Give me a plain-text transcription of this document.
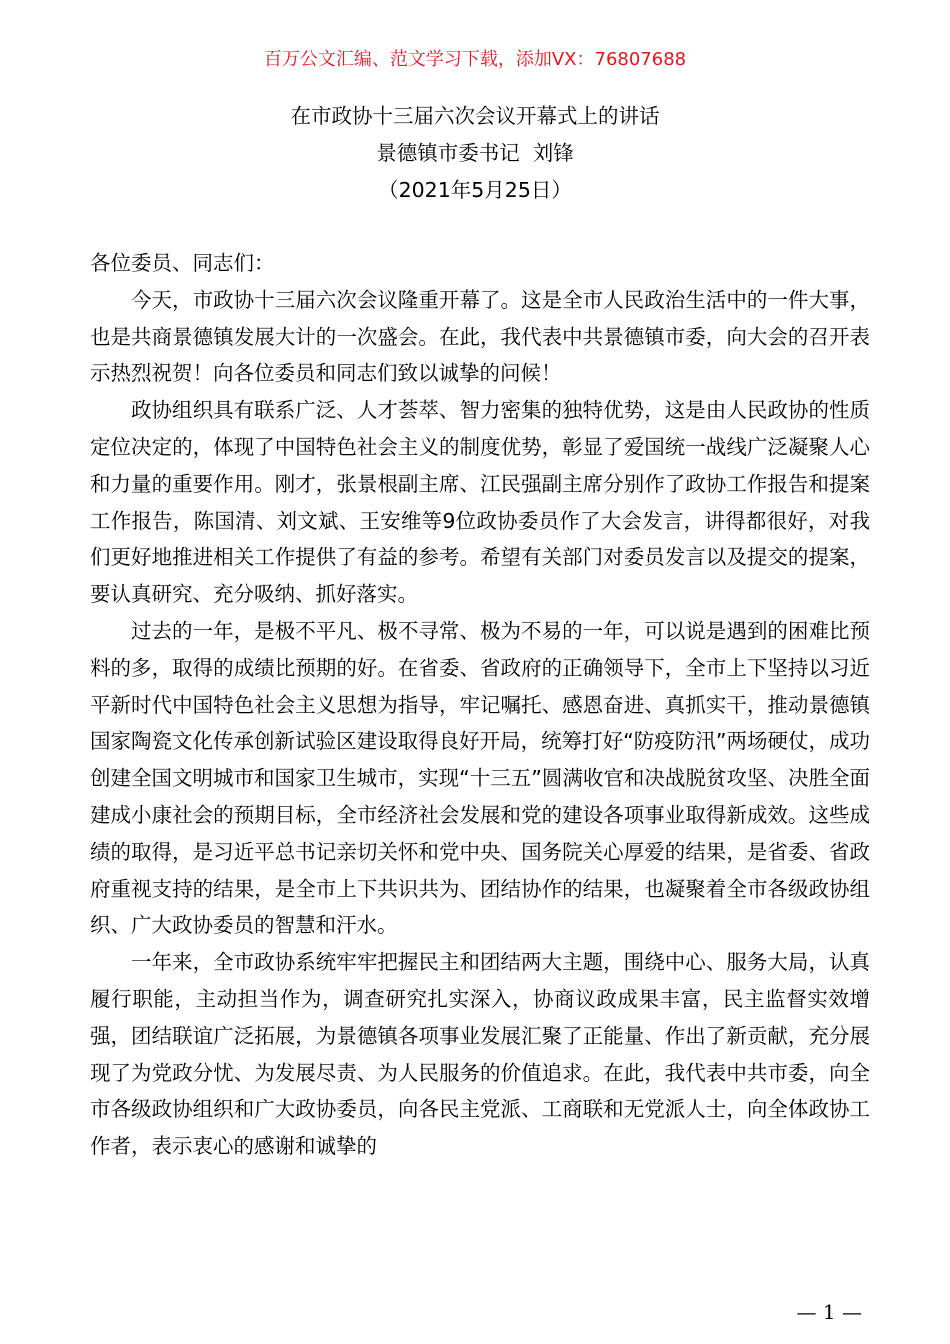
百万公文汇编、范文学习下载，添加VX：76807688
在市政协十三届六次会议开幕式上的讲话
景德镇市委书记  刘锋
（2021年5月25日）

各位委员、同志们：

今天，市政协十三届六次会议隆重开幕了。这是全市人民政治生活中的一件大事，也是共商景德镇发展大计的一次盛会。在此，我代表中共景德镇市委，向大会的召开表示热烈祝贺！向各位委员和同志们致以诚挚的问候！

政协组织具有联系广泛、人才荟萃、智力密集的独特优势，这是由人民政协的性质定位决定的，体现了中国特色社会主义的制度优势，彰显了爱国统一战线广泛凝聚人心和力量的重要作用。刚才，张景根副主席、江民强副主席分别作了政协工作报告和提案工作报告，陈国清、刘文斌、王安维等9位政协委员作了大会发言，讲得都很好，对我们更好地推进相关工作提供了有益的参考。希望有关部门对委员发言以及提交的提案，要认真研究、充分吸纳、抓好落实。

过去的一年，是极不平凡、极不寻常、极为不易的一年，可以说是遇到的困难比预料的多，取得的成绩比预期的好。在省委、省政府的正确领导下，全市上下坚持以习近平新时代中国特色社会主义思想为指导，牢记嘱托、感恩奋进、真抓实干，推动景德镇国家陶瓷文化传承创新试验区建设取得良好开局，统筹打好“防疫防汛”两场硬仗，成功创建全国文明城市和国家卫生城市，实现“十三五”圆满收官和决战脱贫攻坚、决胜全面建成小康社会的预期目标，全市经济社会发展和党的建设各项事业取得新成效。这些成绩的取得，是习近平总书记亲切关怀和党中央、国务院关心厚爱的结果，是省委、省政府重视支持的结果，是全市上下共识共为、团结协作的结果，也凝聚着全市各级政协组织、广大政协委员的智慧和汗水。

一年来，全市政协系统牢牢把握民主和团结两大主题，围绕中心、服务大局，认真履行职能，主动担当作为，调查研究扎实深入，协商议政成果丰富，民主监督实效增强，团结联谊广泛拓展，为景德镇各项事业发展汇聚了正能量、作出了新贡献，充分展现了为党政分忧、为发展尽责、为人民服务的价值追求。在此，我代表中共市委，向全市各级政协组织和广大政协委员，向各民主党派、工商联和无党派人士，向全体政协工作者，表示衷心的感谢和诚挚的

— 1 —
